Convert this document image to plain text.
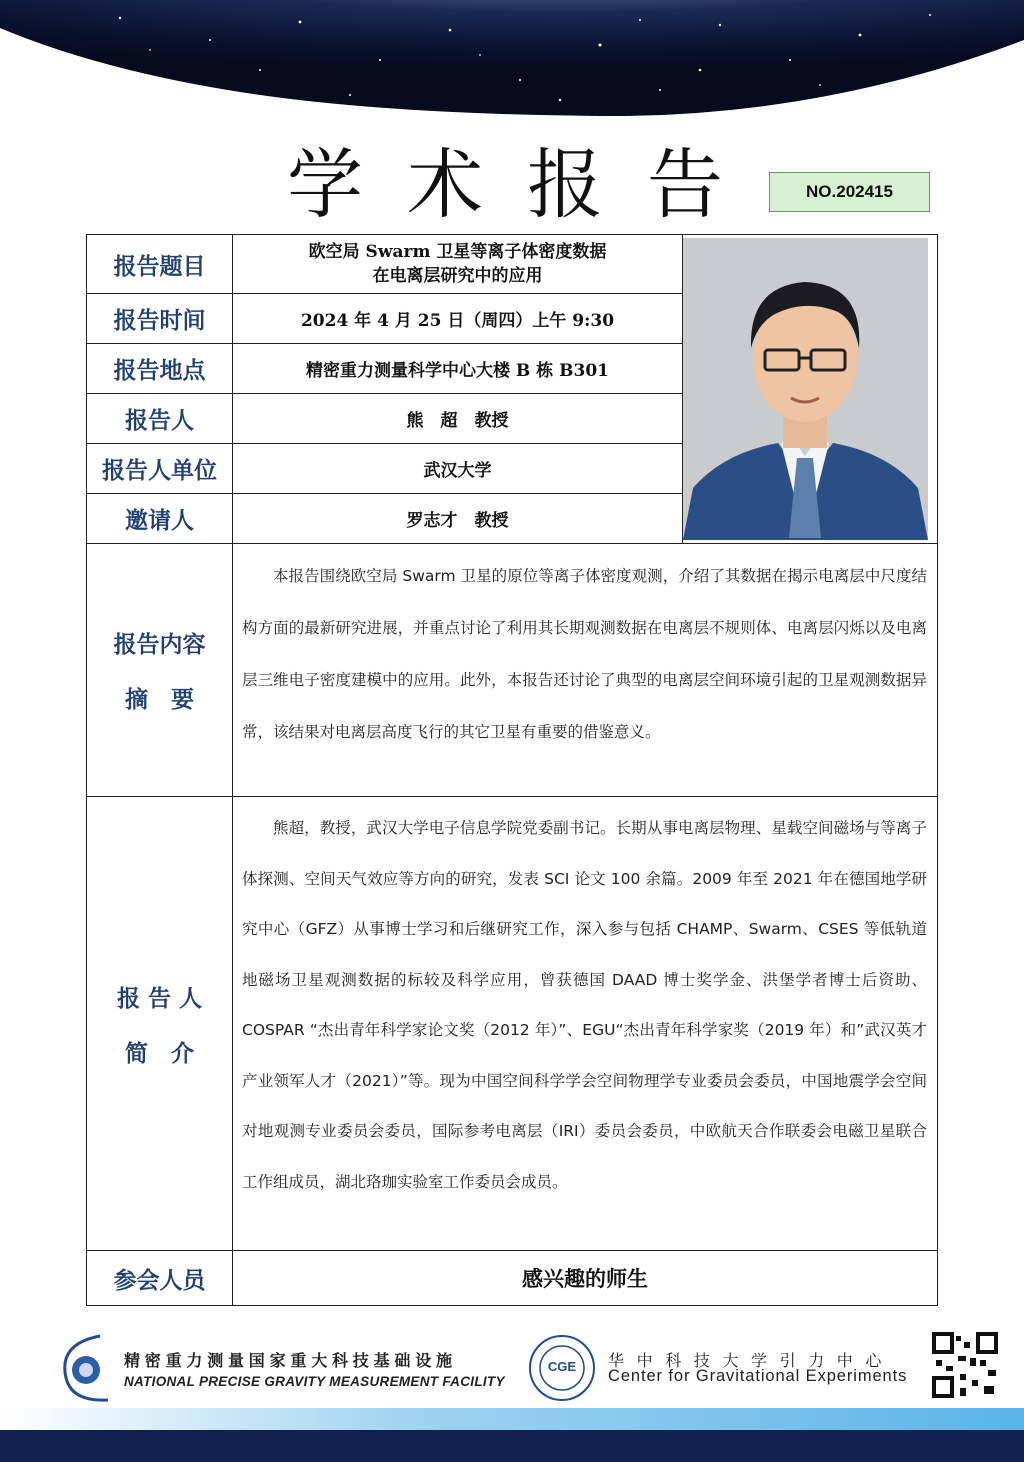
学术报告	NO.202415
报告题目	欧空局 Swarm 卫星等离子体密度数据
在电离层研究中的应用

报告时间	2024 年 4 月 25 日（周四）上午 9:30	
报告地点	精密重力测量科学中心大楼 B 栋 B301	
报告人	熊　超　教授	
报告人单位	武汉大学	
邀请人	罗志才　教授	

报告内容
摘　要	本报告围绕欧空局 Swarm 卫星的原位等离子体密度观测，介绍了其数据在揭示电离层中尺度结构方面的最新研究进展，并重点讨论了利用其长期观测数据在电离层不规则体、电离层闪烁以及电离层三维电子密度建模中的应用。此外，本报告还讨论了典型的电离层空间环境引起的卫星观测数据异常，该结果对电离层高度飞行的其它卫星有重要的借鉴意义。	

报 告 人
简　介	熊超，教授，武汉大学电子信息学院党委副书记。长期从事电离层物理、星载空间磁场与等离子体探测、空间天气效应等方向的研究，发表 SCI 论文 100 余篇。2009 年至 2021 年在德国地学研究中心（GFZ）从事博士学习和后继研究工作，深入参与包括 CHAMP、Swarm、CSES 等低轨道地磁场卫星观测数据的标较及科学应用，曾获德国 DAAD 博士奖学金、洪堡学者博士后资助、COSPAR “杰出青年科学家论文奖（2012 年）”、EGU“杰出青年科学家奖（2019 年）和”武汉英才产业领军人才（2021）”等。现为中国空间科学学会空间物理学专业委员会委员，中国地震学会空间对地观测专业委员会委员，国际参考电离层（IRI）委员会委员，中欧航天合作联委会电磁卫星联合工作组成员，湖北珞珈实验室工作委员会成员。	

参会人员	感兴趣的师生	
精密重力测量国家重大科技基础设施
NATIONAL PRECISE GRAVITY MEASUREMENT FACILITY
CGE 华中科技大学引力中心
Center for Gravitational Experiments
